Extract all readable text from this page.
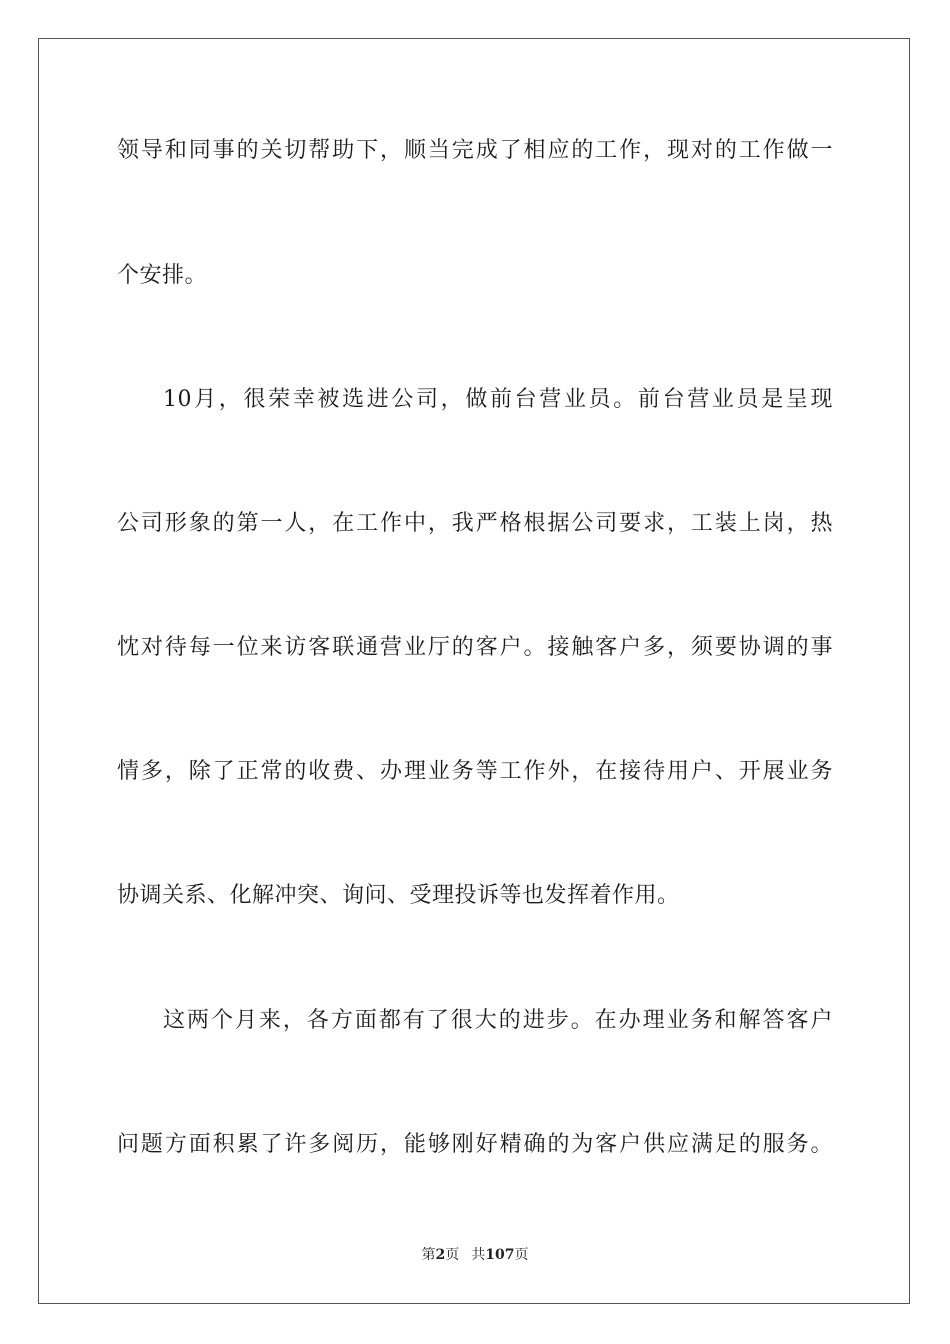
领导和同事的关切帮助下，顺当完成了相应的工作，现对的工作做一
个安排。
10月，很荣幸被选进公司，做前台营业员。前台营业员是呈现
公司形象的第一人，在工作中，我严格根据公司要求，工装上岗，热
忱对待每一位来访客联通营业厅的客户。接触客户多，须要协调的事
情多，除了正常的收费、办理业务等工作外，在接待用户、开展业务
协调关系、化解冲突、询问、受理投诉等也发挥着作用。
这两个月来，各方面都有了很大的进步。在办理业务和解答客户
问题方面积累了许多阅历，能够刚好精确的为客户供应满足的服务。
第2页 共107页
